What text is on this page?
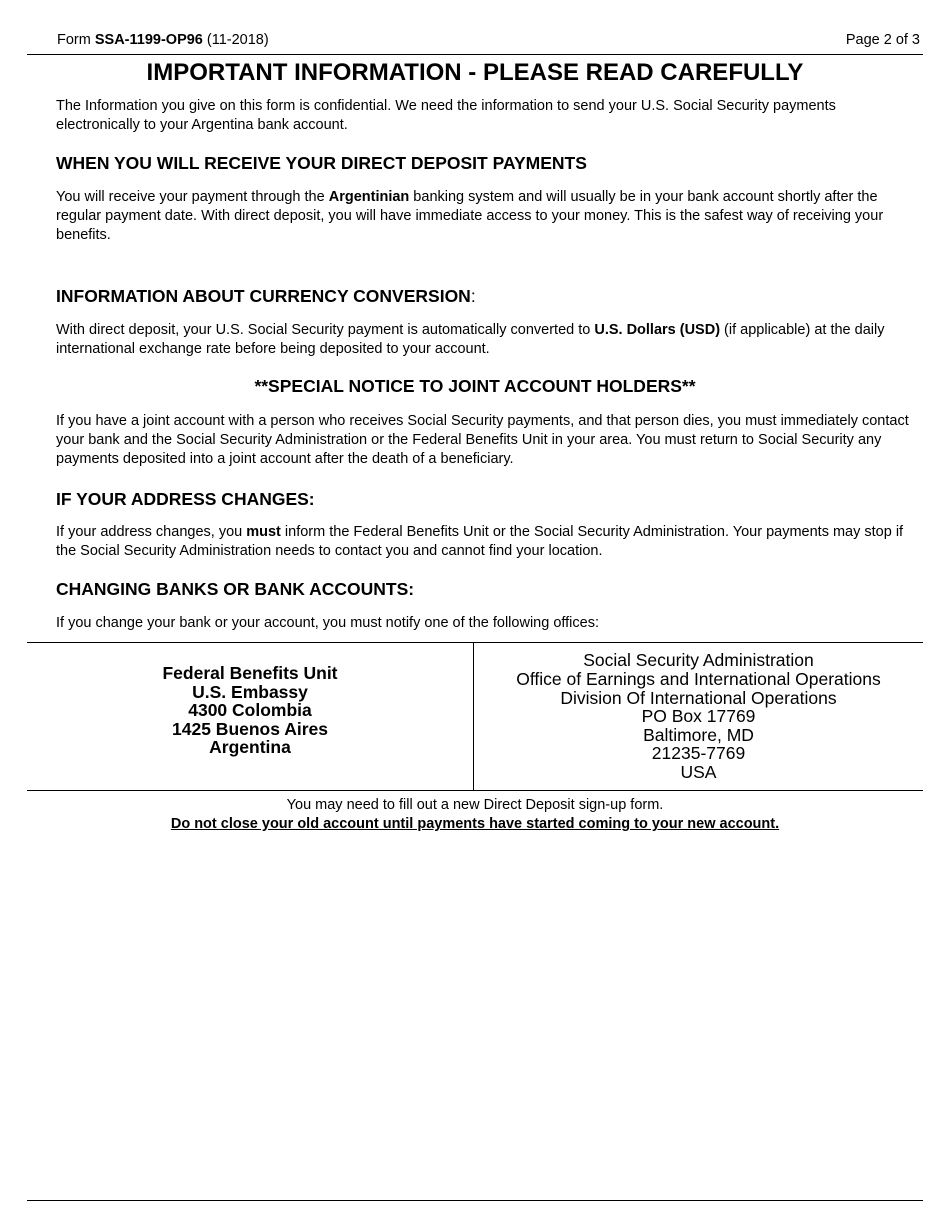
Form SSA-1199-OP96 (11-2018)	Page 2 of 3
IMPORTANT INFORMATION - PLEASE READ CAREFULLY

The Information you give on this form is confidential. We need the information to send your U.S. Social Security payments electronically to your Argentina bank account.

WHEN YOU WILL RECEIVE YOUR DIRECT DEPOSIT PAYMENTS

You will receive your payment through the Argentinian banking system and will usually be in your bank account shortly after the regular payment date. With direct deposit, you will have immediate access to your money. This is the safest way of receiving your benefits.

INFORMATION ABOUT CURRENCY CONVERSION:

With direct deposit, your U.S. Social Security payment is automatically converted to U.S. Dollars (USD) (if applicable) at the daily international exchange rate before being deposited to your account.

**SPECIAL NOTICE TO JOINT ACCOUNT HOLDERS**

If you have a joint account with a person who receives Social Security payments, and that person dies, you must immediately contact your bank and the Social Security Administration or the Federal Benefits Unit in your area. You must return to Social Security any payments deposited into a joint account after the death of a beneficiary.

IF YOUR ADDRESS CHANGES:

If your address changes, you must inform the Federal Benefits Unit or the Social Security Administration. Your payments may stop if the Social Security Administration needs to contact you and cannot find your location.

CHANGING BANKS OR BANK ACCOUNTS:

If you change your bank or your account, you must notify one of the following offices:

Federal Benefits Unit
U.S. Embassy
4300 Colombia
1425 Buenos Aires
Argentina
Social Security Administration
Office of Earnings and International Operations
Division Of International Operations
PO Box 17769
Baltimore, MD
21235-7769
USA
You may need to fill out a new Direct Deposit sign-up form.
Do not close your old account until payments have started coming to your new account.
